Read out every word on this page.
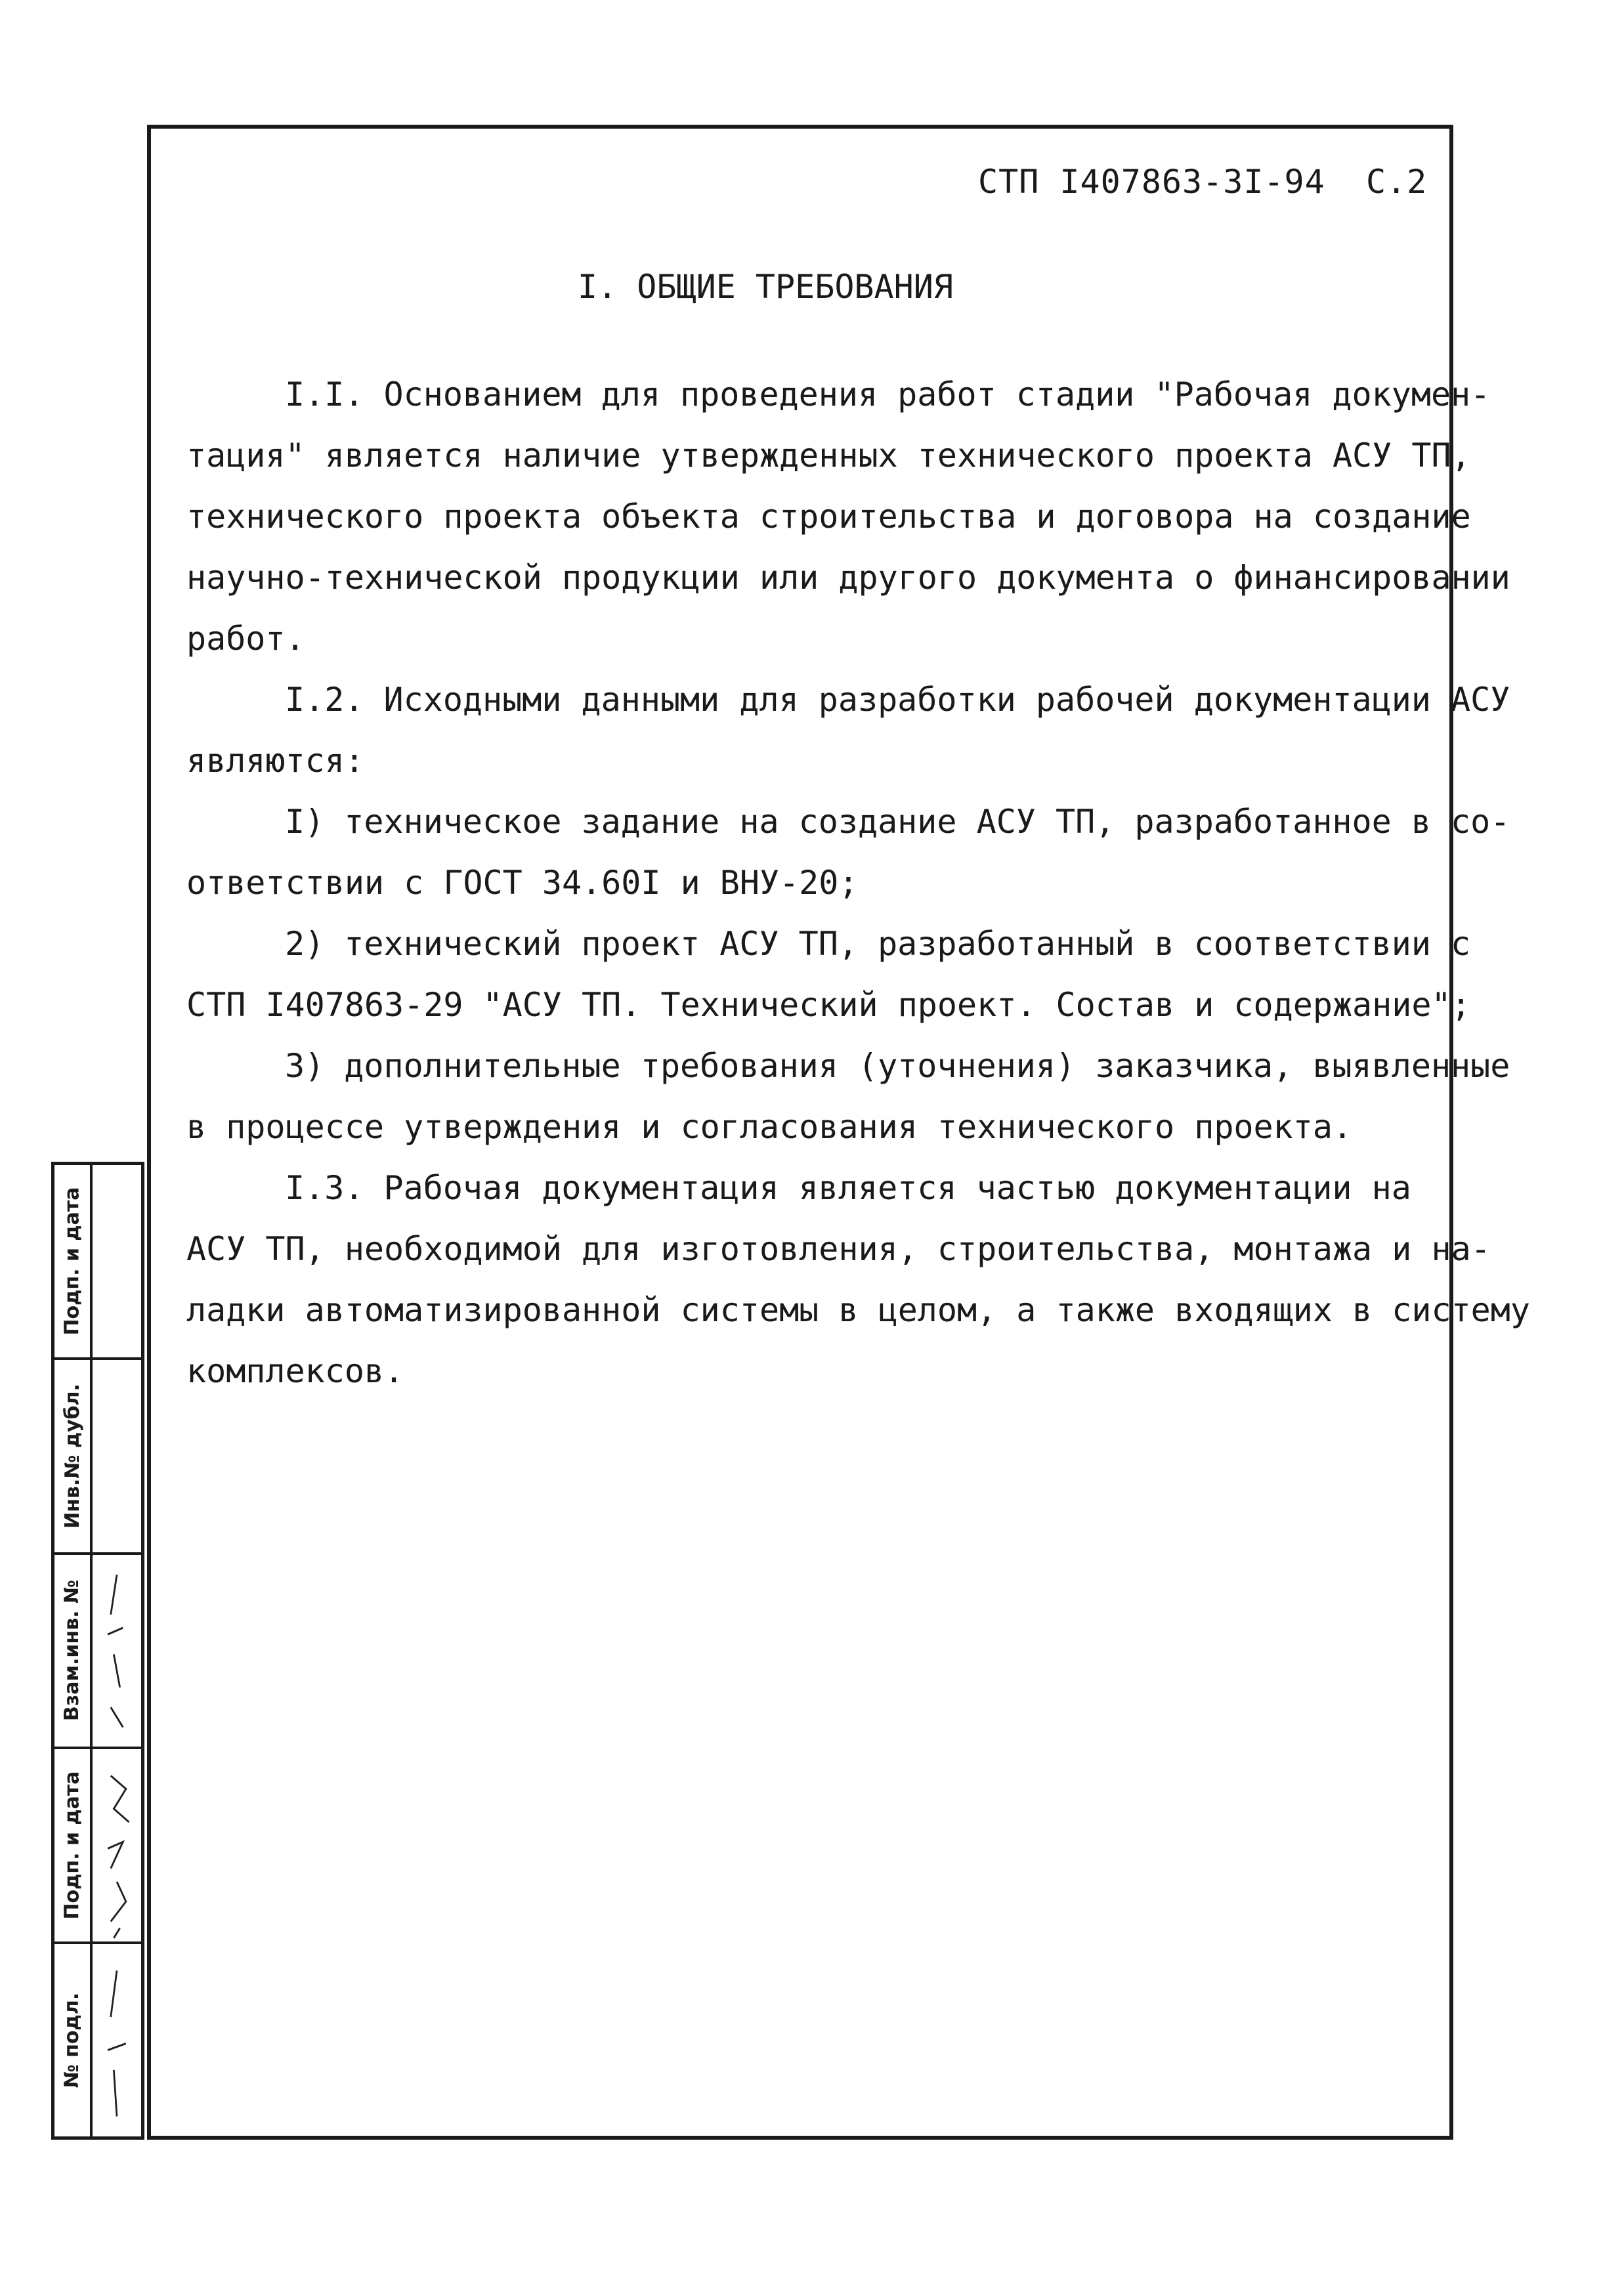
СТП I407863-3I-94 С.2
I. ОБЩИЕ ТРЕБОВАНИЯ
I.I. Основанием для проведения работ стадии "Рабочая докумен-
тация" является наличие утвержденных технического проекта АСУ ТП,
технического проекта объекта строительства и договора на создание
научно-технической продукции или другого документа о финансировании
работ.
I.2. Исходными данными для разработки рабочей документации АСУ
являются:
I) техническое задание на создание АСУ ТП, разработанное в со-
ответствии с ГОСТ 34.60I и ВНУ-20;
2) технический проект АСУ ТП, разработанный в соответствии с
СТП I407863-29 "АСУ ТП. Технический проект. Состав и содержание";
3) дополнительные требования (уточнения) заказчика, выявленные
в процессе утверждения и согласования технического проекта.
I.3. Рабочая документация является частью документации на
АСУ ТП, необходимой для изготовления, строительства, монтажа и на-
ладки автоматизированной системы в целом, а также входящих в систему
комплексов.
Подп. и дата
Инв.№ дубл.
Взам.инв. №
Подп. и дата
№ подл.
